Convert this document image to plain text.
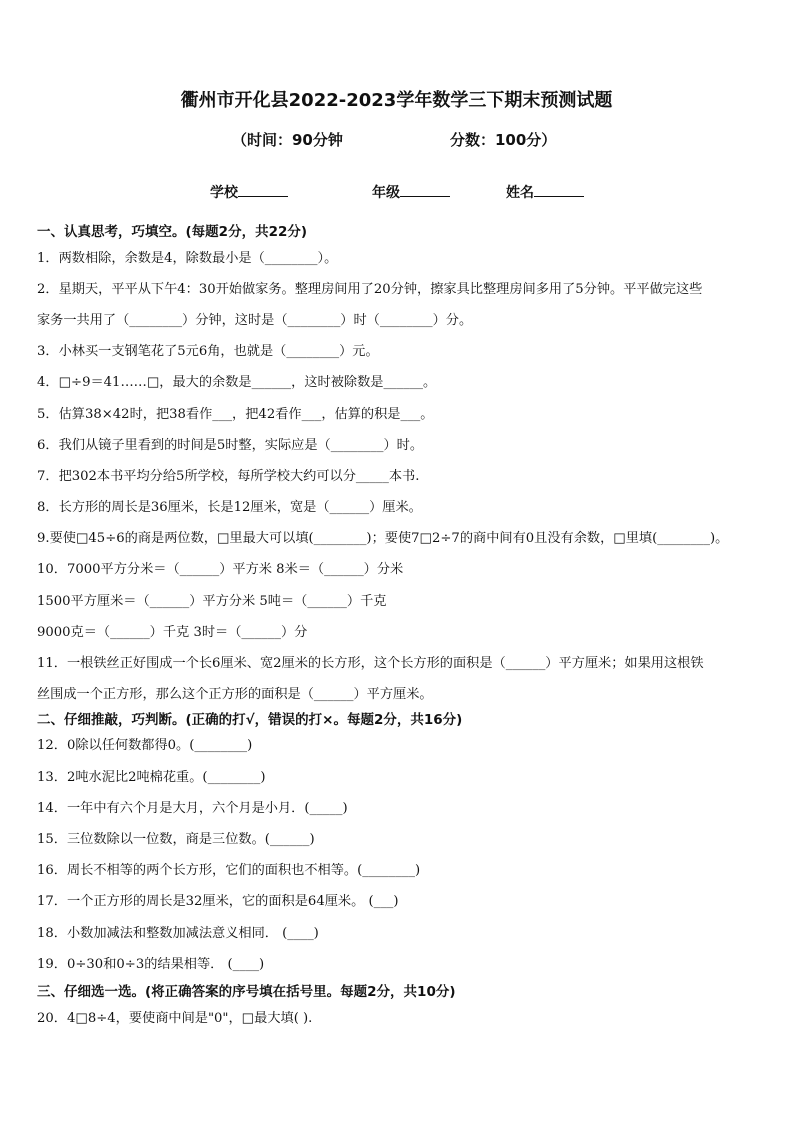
衢州市开化县2022-2023学年数学三下期末预测试题
（时间：90分钟	分数：100分）
学校	年级	姓名
一、认真思考，巧填空。(每题2分，共22分)
1．两数相除，余数是4，除数最小是（________）。
2．星期天，平平从下午4：30开始做家务。整理房间用了20分钟，擦家具比整理房间多用了5分钟。平平做完这些
家务一共用了（________）分钟，这时是（________）时（________）分。
3．小林买一支钢笔花了5元6角，也就是（________）元。
4．□÷9＝41……□，最大的余数是______，这时被除数是______。
5．估算38×42时，把38看作___，把42看作___，估算的积是___。
6．我们从镜子里看到的时间是5时整，实际应是（________）时。
7．把302本书平均分给5所学校，每所学校大约可以分_____本书.
8．长方形的周长是36厘米，长是12厘米，宽是（______）厘米。
9.要使□45÷6的商是两位数，□里最大可以填(________)；要使7□2÷7的商中间有0且没有余数，□里填(________)。
10．7000平方分米＝（______）平方米 8米＝（______）分米
1500平方厘米＝（______）平方分米 5吨＝（______）千克
9000克＝（______）千克 3时＝（______）分
11．一根铁丝正好围成一个长6厘米、宽2厘米的长方形，这个长方形的面积是（______）平方厘米；如果用这根铁
丝围成一个正方形，那么这个正方形的面积是（______）平方厘米。
二、仔细推敲，巧判断。(正确的打√，错误的打×。每题2分，共16分)
12．0除以任何数都得0。(________)
13．2吨水泥比2吨棉花重。(________)
14．一年中有六个月是大月，六个月是小月．(_____)
15．三位数除以一位数，商是三位数。(______)
16．周长不相等的两个长方形，它们的面积也不相等。(________)
17．一个正方形的周长是32厘米，它的面积是64厘米。 (___)
18．小数加减法和整数加减法意义相同． (____)
19．0÷30和0÷3的结果相等． (____)
三、仔细选一选。(将正确答案的序号填在括号里。每题2分，共10分)
20．4□8÷4，要使商中间是"0"，□最大填( ).
